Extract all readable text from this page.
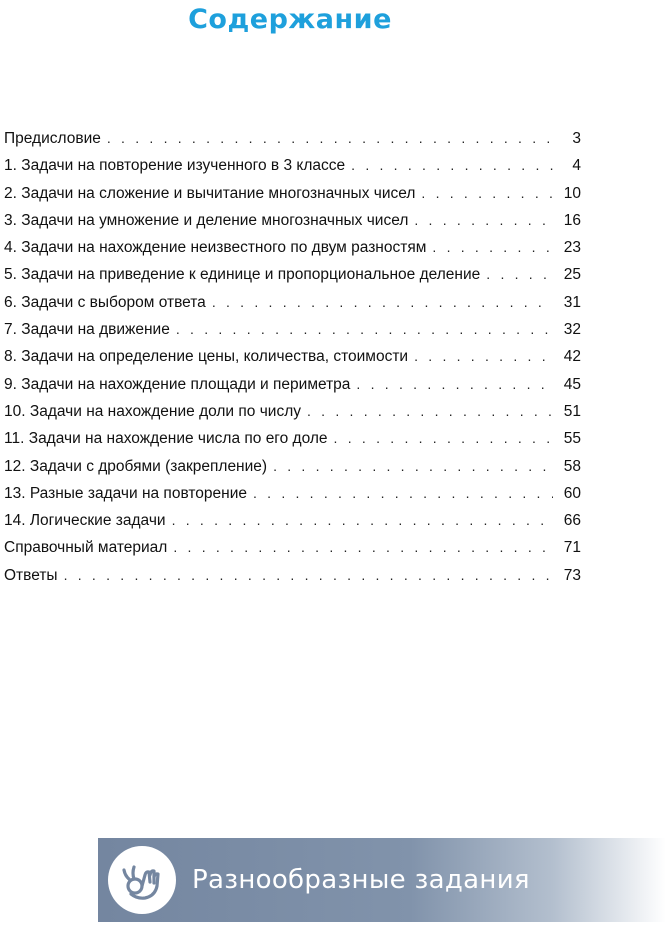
Содержание
Предисловие . . .	3
1. Задачи на повторение изученного в 3 классе . . .	4
2. Задачи на сложение и вычитание многозначных чисел . . .	10
3. Задачи на умножение и деление многозначных чисел . . .	16
4. Задачи на нахождение неизвестного по двум разностям . . .	23
5. Задачи на приведение к единице и пропорциональное деление . . .	25
6. Задачи с выбором ответа . . .	31
7. Задачи на движение . . .	32
8. Задачи на определение цены, количества, стоимости . . .	42
9. Задачи на нахождение площади и периметра . . .	45
10. Задачи на нахождение доли по числу . . .	51
11. Задачи на нахождение числа по его доле . . .	55
12. Задачи с дробями (закрепление) . . .	58
13. Разные задачи на повторение . . .	60
14. Логические задачи . . .	66
Справочный материал . . .	71
Ответы . . .	73
Разнообразные задания
